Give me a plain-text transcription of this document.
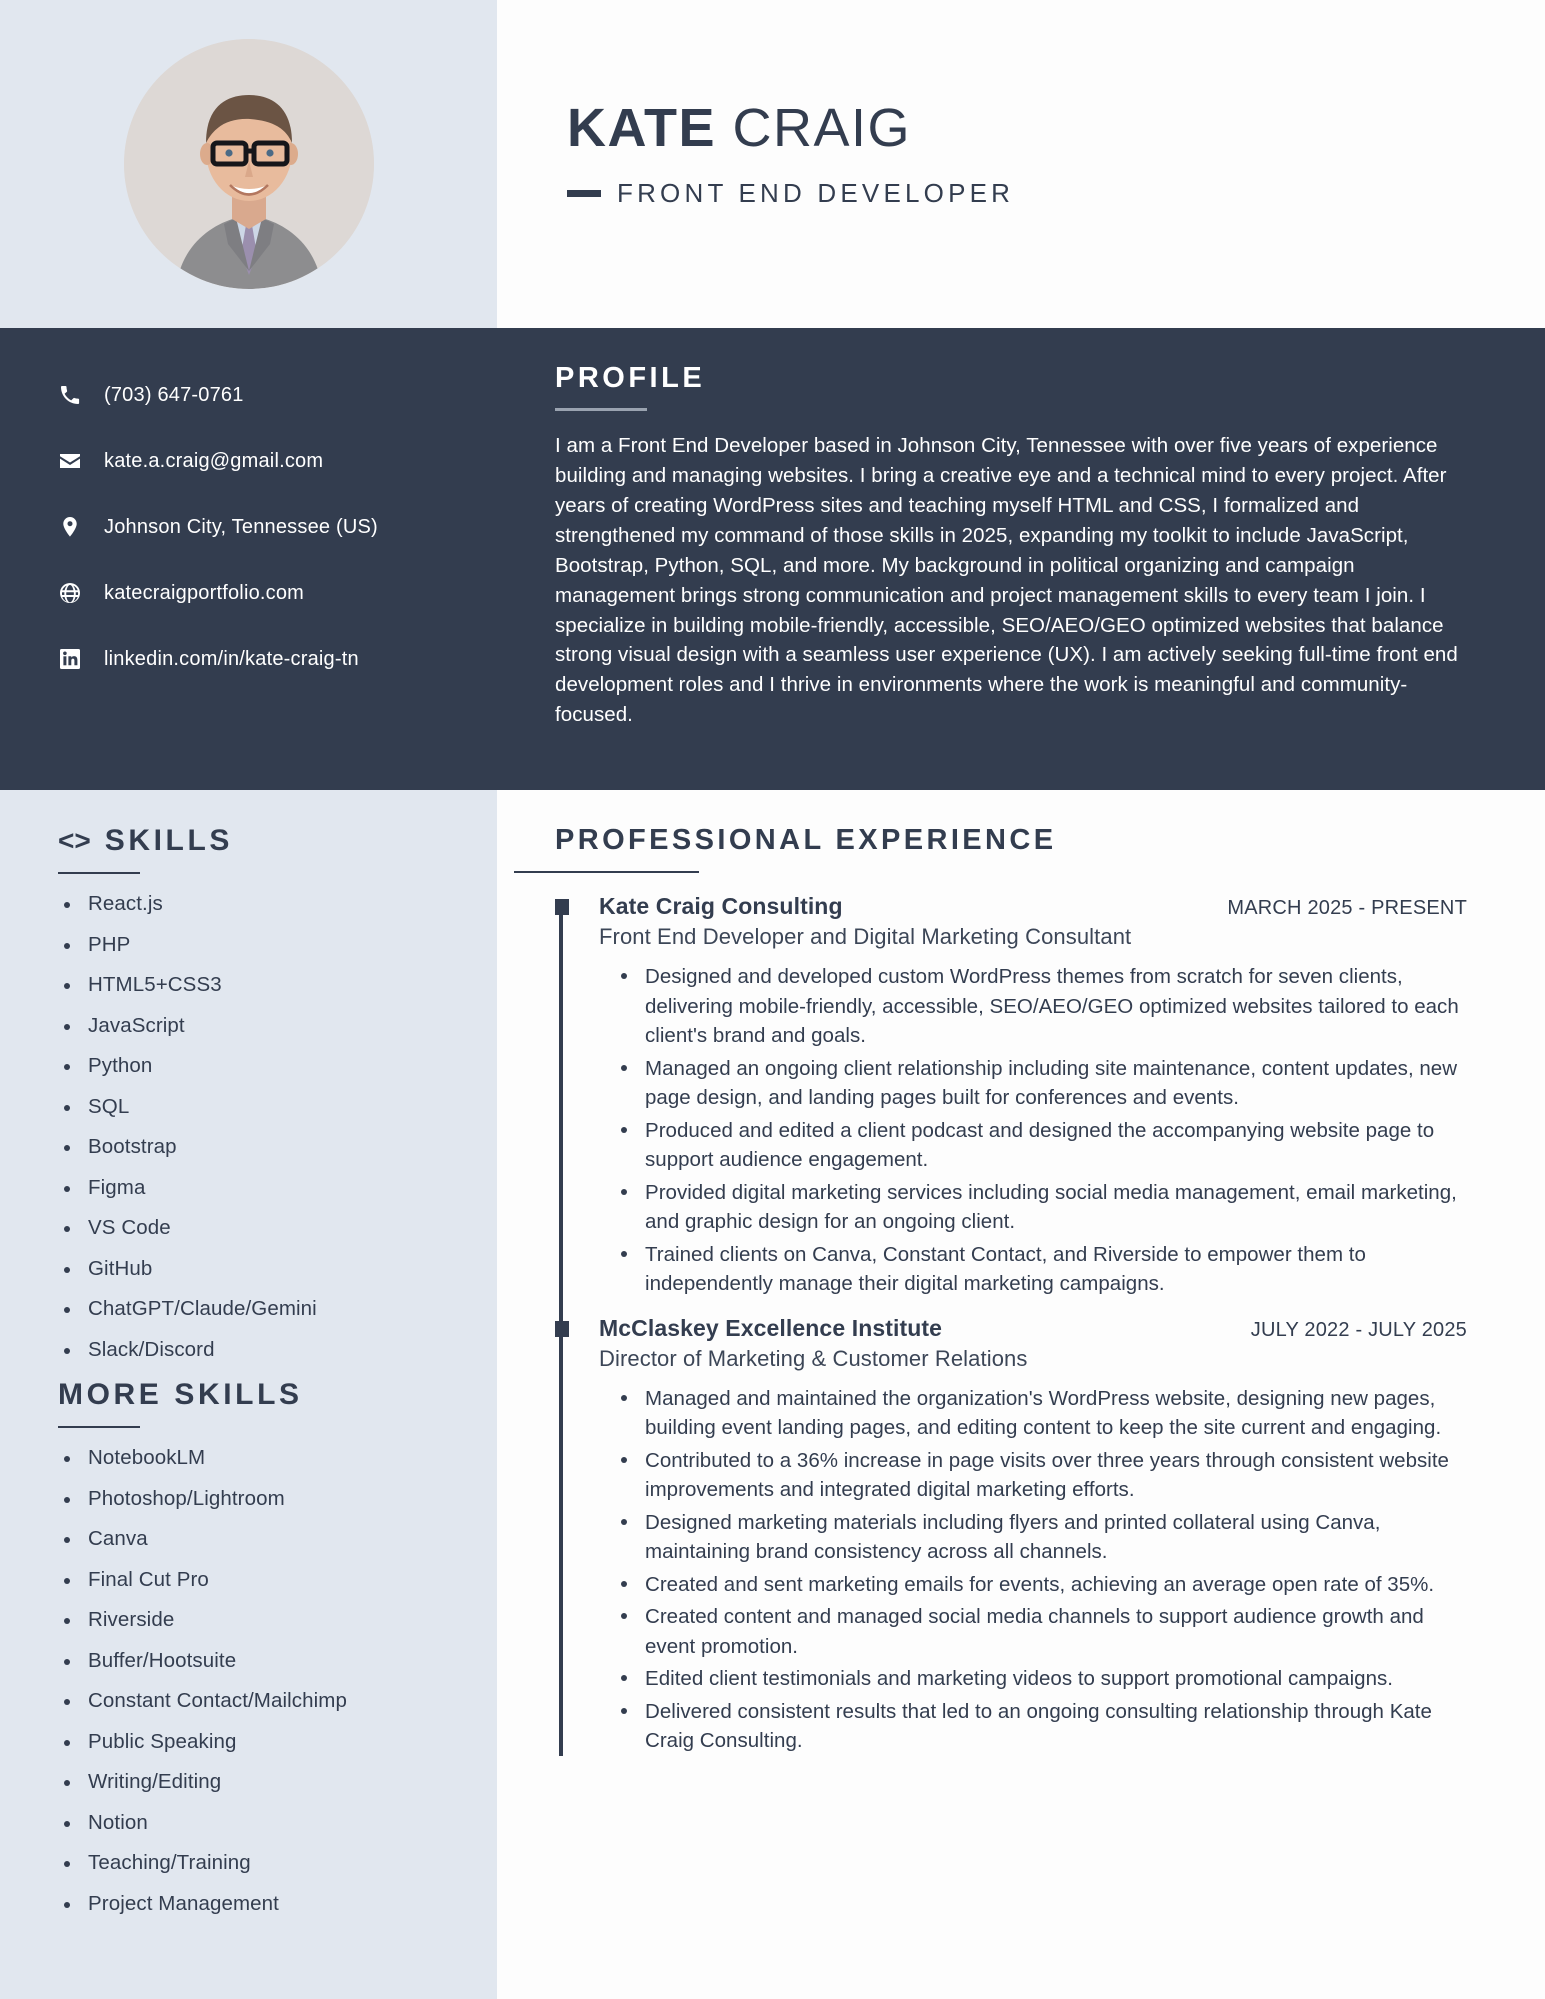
KATE CRAIG
FRONT END DEVELOPER
(703) 647-0761
kate.a.craig@gmail.com
Johnson City, Tennessee (US)
katecraigportfolio.com
linkedin.com/in/kate-craig-tn
PROFILE
I am a Front End Developer based in Johnson City, Tennessee with over five years of experience building and managing websites. I bring a creative eye and a technical mind to every project. After years of creating WordPress sites and teaching myself HTML and CSS, I formalized and strengthened my command of those skills in 2025, expanding my toolkit to include JavaScript, Bootstrap, Python, SQL, and more. My background in political organizing and campaign management brings strong communication and project management skills to every team I join. I specialize in building mobile-friendly, accessible, SEO/AEO/GEO optimized websites that balance strong visual design with a seamless user experience (UX). I am actively seeking full-time front end development roles and I thrive in environments where the work is meaningful and community-focused.
<> SKILLS
React.js
PHP
HTML5+CSS3
JavaScript
Python
SQL
Bootstrap
Figma
VS Code
GitHub
ChatGPT/Claude/Gemini
Slack/Discord
MORE SKILLS
NotebookLM
Photoshop/Lightroom
Canva
Final Cut Pro
Riverside
Buffer/Hootsuite
Constant Contact/Mailchimp
Public Speaking
Writing/Editing
Notion
Teaching/Training
Project Management
PROFESSIONAL EXPERIENCE
Kate Craig Consulting	MARCH 2025 - PRESENT
Front End Developer and Digital Marketing Consultant
Designed and developed custom WordPress themes from scratch for seven clients, delivering mobile-friendly, accessible, SEO/AEO/GEO optimized websites tailored to each client's brand and goals.
Managed an ongoing client relationship including site maintenance, content updates, new page design, and landing pages built for conferences and events.
Produced and edited a client podcast and designed the accompanying website page to support audience engagement.
Provided digital marketing services including social media management, email marketing, and graphic design for an ongoing client.
Trained clients on Canva, Constant Contact, and Riverside to empower them to independently manage their digital marketing campaigns.
McClaskey Excellence Institute	JULY 2022 - JULY 2025
Director of Marketing & Customer Relations
Managed and maintained the organization's WordPress website, designing new pages, building event landing pages, and editing content to keep the site current and engaging.
Contributed to a 36% increase in page visits over three years through consistent website improvements and integrated digital marketing efforts.
Designed marketing materials including flyers and printed collateral using Canva, maintaining brand consistency across all channels.
Created and sent marketing emails for events, achieving an average open rate of 35%.
Created content and managed social media channels to support audience growth and event promotion.
Edited client testimonials and marketing videos to support promotional campaigns.
Delivered consistent results that led to an ongoing consulting relationship through Kate Craig Consulting.
